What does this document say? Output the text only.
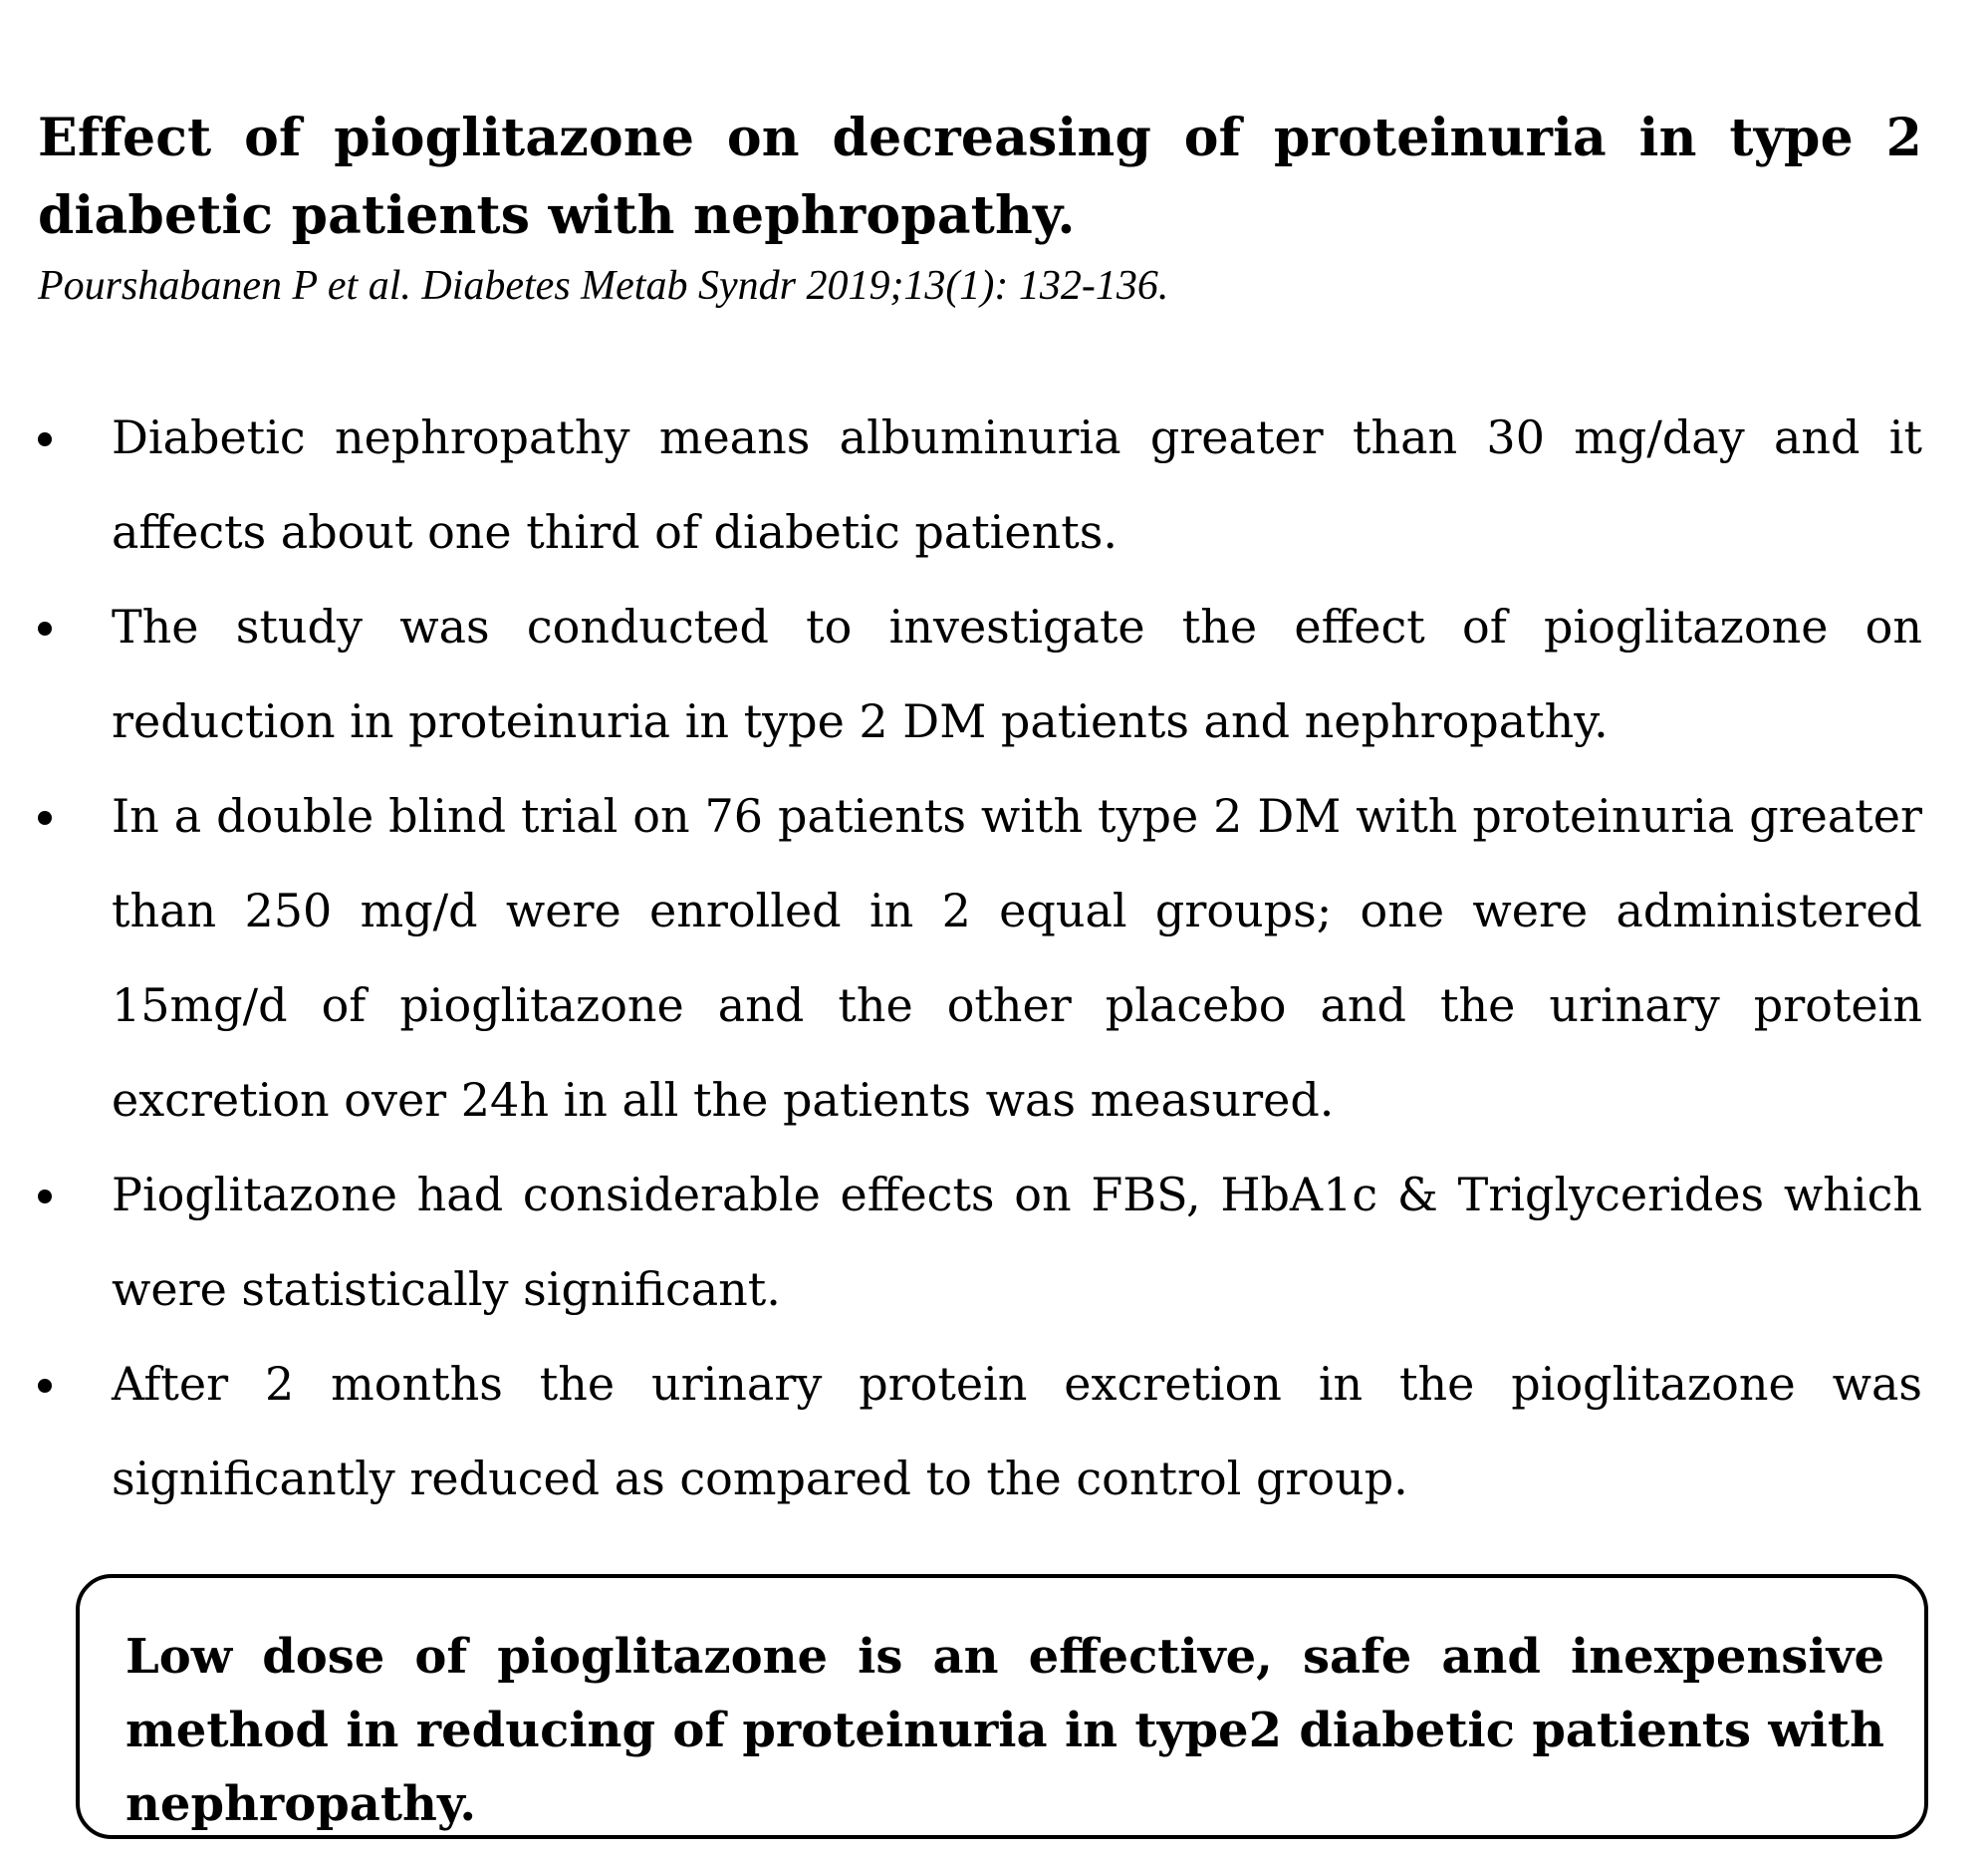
Effect of pioglitazone on decreasing of proteinuria in type 2 diabetic patients with nephropathy.

Pourshabanen P et al. Diabetes Metab Syndr 2019;13(1): 132-136.

Diabetic nephropathy means albuminuria greater than 30 mg/day and it affects about one third of diabetic patients.
The study was conducted to investigate the effect of pioglitazone on reduction in proteinuria in type 2 DM patients and nephropathy.
In a double blind trial on 76 patients with type 2 DM with proteinuria greater than 250 mg/d were enrolled in 2 equal groups; one were administered 15mg/d of pioglitazone and the other placebo and the urinary protein excretion over 24h in all the patients was measured.
Pioglitazone had considerable effects on FBS, HbA1c & Triglycerides which were statistically significant.
After 2 months the urinary protein excretion in the pioglitazone was significantly reduced as compared to the control group.

Low dose of pioglitazone is an effective, safe and inexpensive method in reducing of proteinuria in type2 diabetic patients with nephropathy.
